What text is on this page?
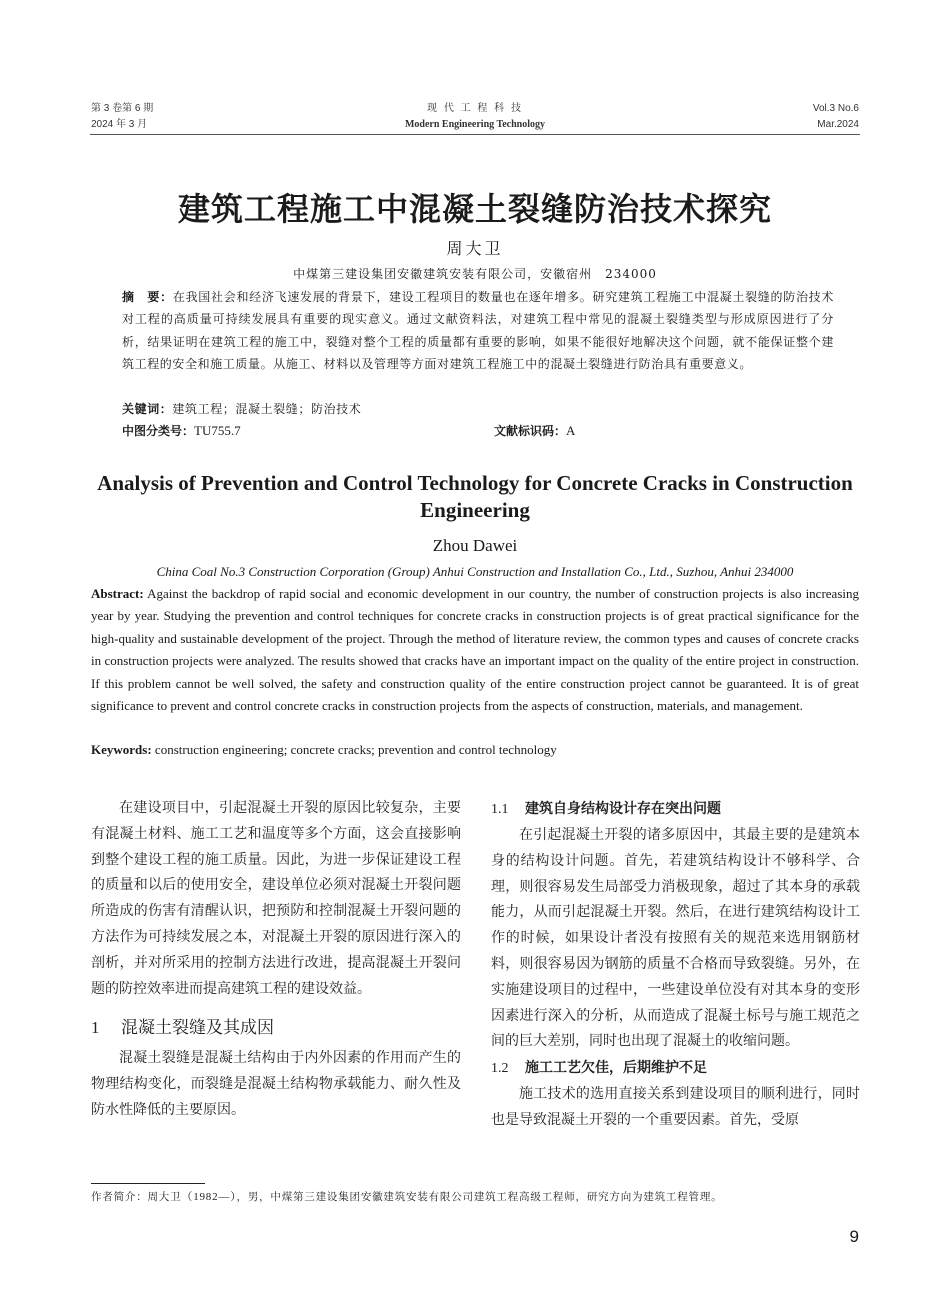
第 3 卷第 6 期
2024 年 3 月
现 代 工 程 科 技
Modern Engineering Technology
Vol.3 No.6
Mar.2024
建筑工程施工中混凝土裂缝防治技术探究
周大卫
中煤第三建设集团安徽建筑安装有限公司，安徽宿州　234000
摘　要：在我国社会和经济飞速发展的背景下，建设工程项目的数量也在逐年增多。研究建筑工程施工中混凝土裂缝的防治技术对工程的高质量可持续发展具有重要的现实意义。通过文献资料法，对建筑工程中常见的混凝土裂缝类型与形成原因进行了分析，结果证明在建筑工程的施工中，裂缝对整个工程的质量都有重要的影响，如果不能很好地解决这个问题，就不能保证整个建筑工程的安全和施工质量。从施工、材料以及管理等方面对建筑工程施工中的混凝土裂缝进行防治具有重要意义。
关键词：建筑工程；混凝土裂缝；防治技术
中图分类号：TU755.7	文献标识码：A
Analysis of Prevention and Control Technology for Concrete Cracks in Construction Engineering
Zhou Dawei
China Coal No.3 Construction Corporation (Group) Anhui Construction and Installation Co., Ltd., Suzhou, Anhui 234000
Abstract: Against the backdrop of rapid social and economic development in our country, the number of construction projects is also increasing year by year. Studying the prevention and control techniques for concrete cracks in construction projects is of great practical significance for the high-quality and sustainable development of the project. Through the method of literature review, the common types and causes of concrete cracks in construction projects were analyzed. The results showed that cracks have an important impact on the quality of the entire project in construction. If this problem cannot be well solved, the safety and construction quality of the entire construction project cannot be guaranteed. It is of great significance to prevent and control concrete cracks in construction projects from the aspects of construction, materials, and management.
Keywords: construction engineering; concrete cracks; prevention and control technology

在建设项目中，引起混凝土开裂的原因比较复杂，主要有混凝土材料、施工工艺和温度等多个方面，这会直接影响到整个建设工程的施工质量。因此，为进一步保证建设工程的质量和以后的使用安全，建设单位必须对混凝土开裂问题所造成的伤害有清醒认识，把预防和控制混凝土开裂问题的方法作为可持续发展之本，对混凝土开裂的原因进行深入的剖析，并对所采用的控制方法进行改进，提高混凝土开裂问题的防控效率进而提高建筑工程的建设效益。

1 混凝土裂缝及其成因

混凝土裂缝是混凝土结构由于内外因素的作用而产生的物理结构变化，而裂缝是混凝土结构物承载能力、耐久性及防水性降低的主要原因。

1.1 建筑自身结构设计存在突出问题

在引起混凝土开裂的诸多原因中，其最主要的是建筑本身的结构设计问题。首先，若建筑结构设计不够科学、合理，则很容易发生局部受力消极现象，超过了其本身的承载能力，从而引起混凝土开裂。然后，在进行建筑结构设计工作的时候，如果设计者没有按照有关的规范来选用钢筋材料，则很容易因为钢筋的质量不合格而导致裂缝。另外，在实施建设项目的过程中，一些建设单位没有对其本身的变形因素进行深入的分析，从而造成了混凝土标号与施工规范之间的巨大差别，同时也出现了混凝土的收缩问题。

1.2 施工工艺欠佳，后期维护不足

施工技术的选用直接关系到建设项目的顺利进行，同时也是导致混凝土开裂的一个重要因素。首先，受原

作者简介：周大卫（1982—），男，中煤第三建设集团安徽建筑安装有限公司建筑工程高级工程师，研究方向为建筑工程管理。
9
